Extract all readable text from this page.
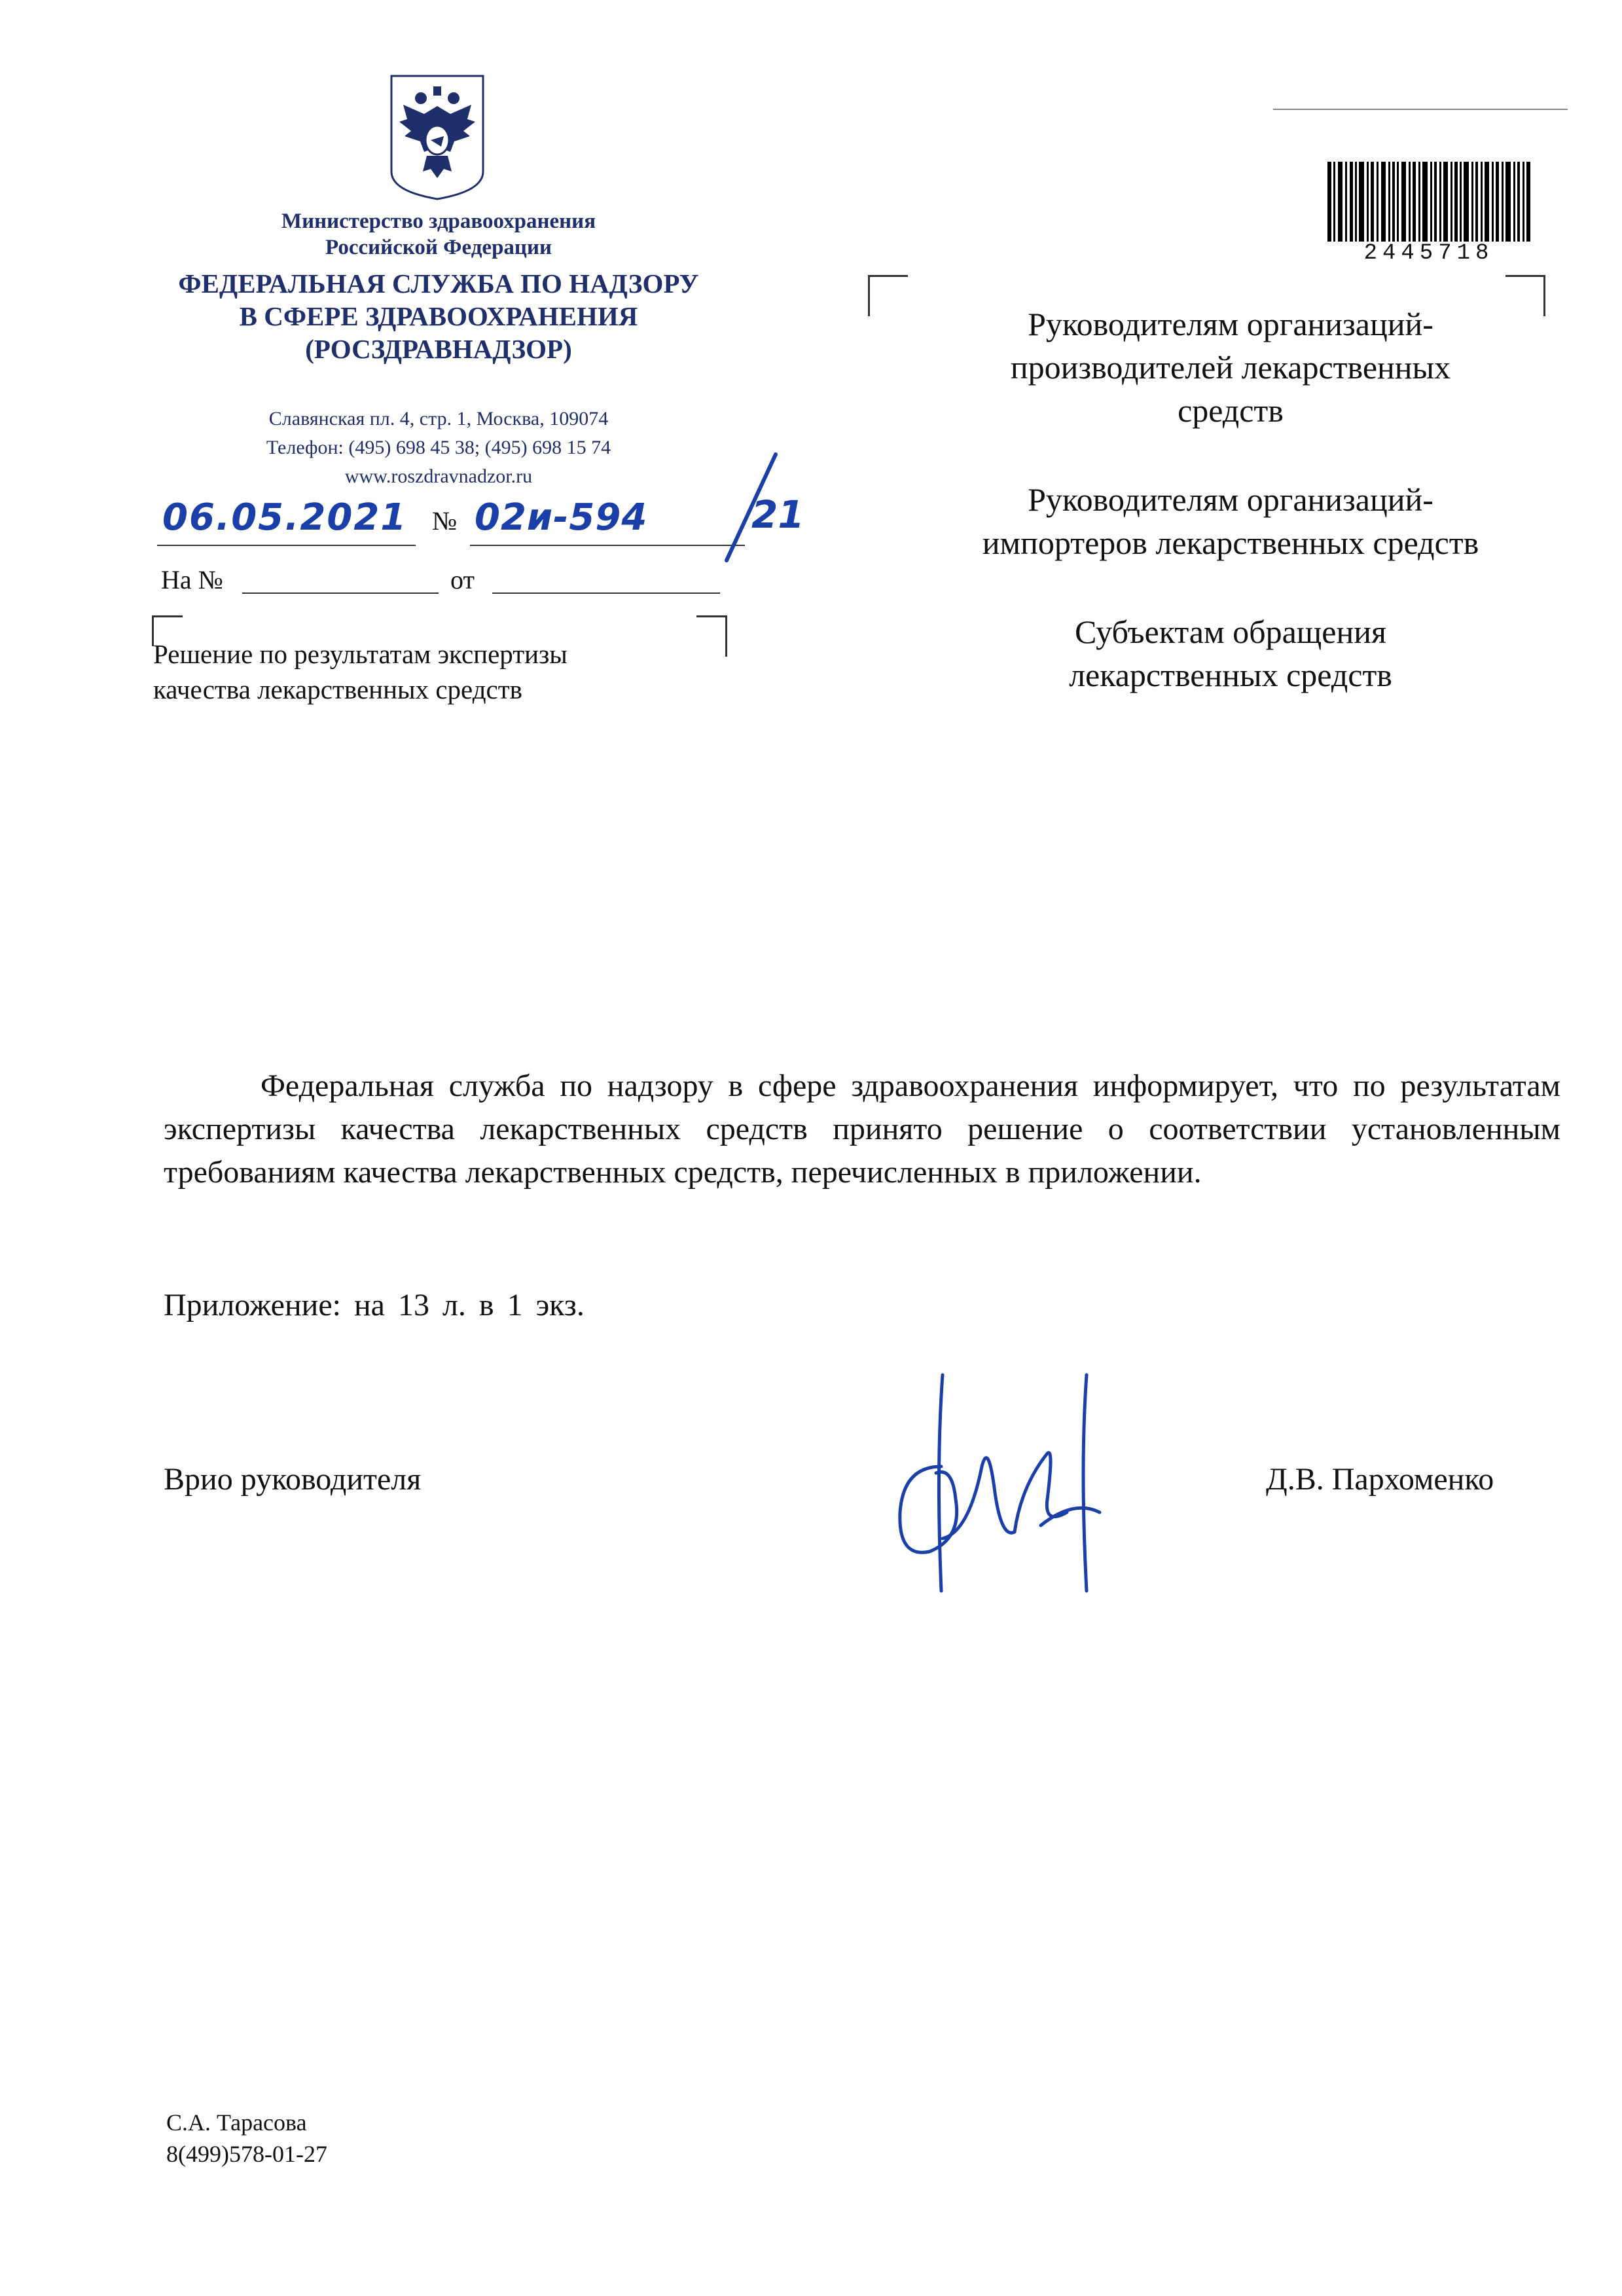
Министерство здравоохранения
Российской Федерации
ФЕДЕРАЛЬНАЯ СЛУЖБА ПО НАДЗОРУ
В СФЕРЕ ЗДРАВООХРАНЕНИЯ
(РОСЗДРАВНАДЗОР)
Славянская пл. 4, стр. 1, Москва, 109074
Телефон: (495) 698 45 38; (495) 698 15 74
www.roszdravnadzor.ru
06.05.2021 № 02и-594	21
На №	от
Решение по результатам экспертизы
качества лекарственных средств
2445718
Руководителям организаций-
производителей лекарственных
средств
Руководителям организаций-
импортеров лекарственных средств
Субъектам обращения
лекарственных средств
Федеральная служба по надзору в сфере здравоохранения информирует, что по результатам экспертизы качества лекарственных средств принято решение о соответствии установленным требованиям качества лекарственных средств, перечисленных в приложении.
Приложение: на 13 л. в 1 экз.
Врио руководителя	Д.В. Пархоменко
С.А. Тарасова
8(499)578-01-27
